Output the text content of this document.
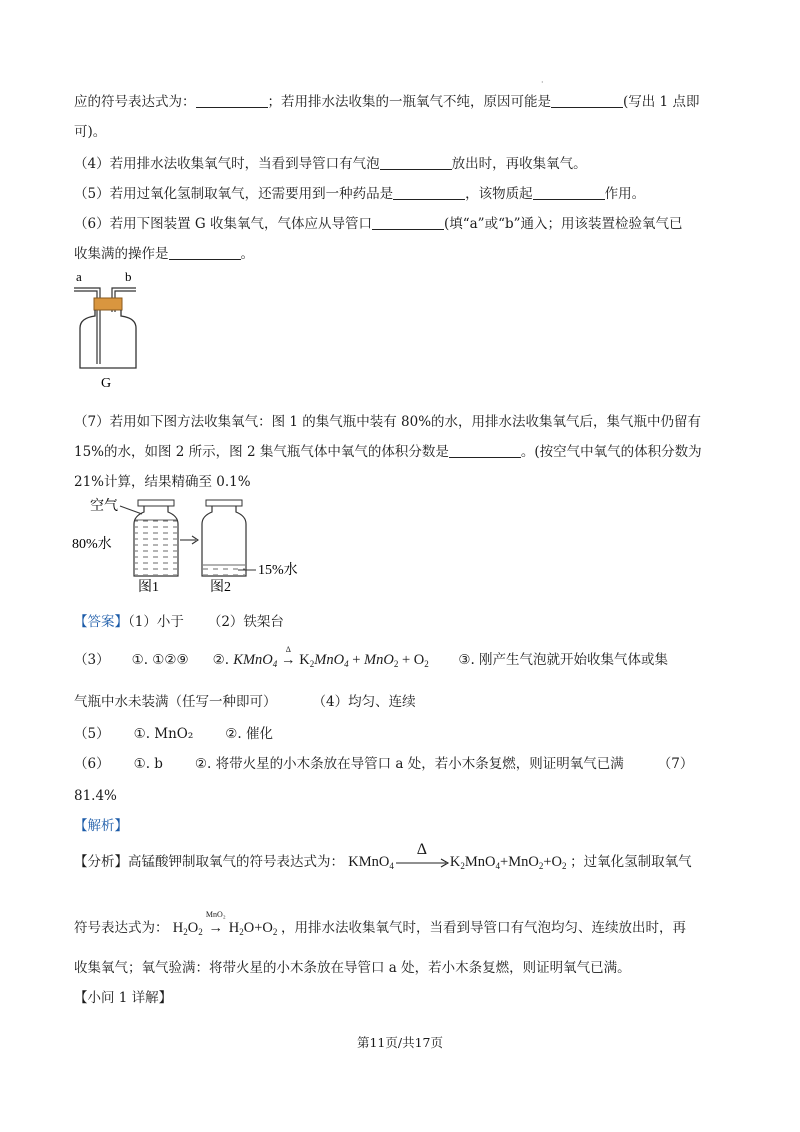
·
应的符号表达式为：	；若用排水法收集的一瓶氧气不纯，原因可能是	(写出 1 点即
可)。
（4）若用排水法收集氧气时，当看到导管口有气泡	放出时，再收集氧气。
（5）若用过氧化氢制取氧气，还需要用到一种药品是	，该物质起	作用。
（6）若用下图装置 G 收集氧气，气体应从导管口	(填“a”或“b”通入；用该装置检验氧气已
收集满的操作是	。
a	b
G
（7）若用如下图方法收集氧气：图 1 的集气瓶中装有 80%的水，用排水法收集氧气后，集气瓶中仍留有
15%的水，如图 2 所示，图 2 集气瓶气体中氧气的体积分数是	。(按空气中氧气的体积分数为
21%计算，结果精确至 0.1%
空气
80%水
图1
15%水
图2
【答案】（1）小于 （2）铁架台
（3） ①. ①②⑨ ②. KMnO$_4$
Δ
→ $K_2MnO_4 + MnO_2 + O_2$ ③. 刚产生气泡就开始收集气体或集
气瓶中水未装满（任写一种即可）	（4）均匀、连续
（5） ①. MnO₂ ②. 催化
（6） ①. b ②. 将带火星的小木条放在导管口 a 处，若小木条复燃，则证明氧气已满	（7）
81.4%
【解析】
【分析】高锰酸钾制取氧气的符号表达式为： KMnO$_4$
Δ
$K_2MnO_4+MnO_2+O_2$ ；过氧化氢制取氧气
符号表达式为： $H_2O_2$
MnO₂
→ $H_2O+O_2$ ，用排水法收集氧气时，当看到导管口有气泡均匀、连续放出时，再
收集氧气；氧气验满：将带火星的小木条放在导管口 a 处，若小木条复燃，则证明氧气已满。
【小问 1 详解】
第11页/共17页
